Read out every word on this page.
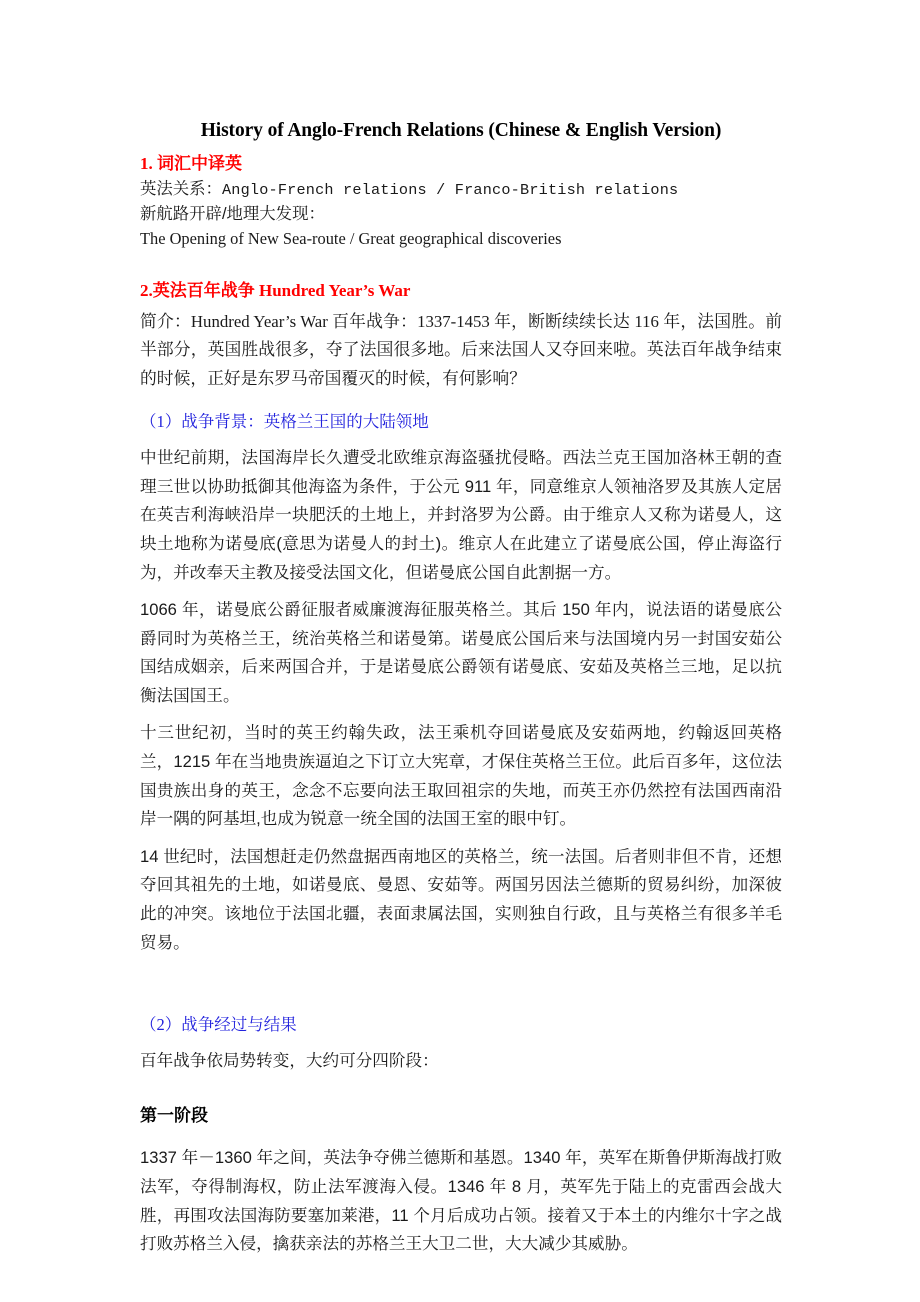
History of Anglo-French Relations (Chinese & English Version)

1. 词汇中译英

英法关系：Anglo-French relations / Franco-British relations
新航路开辟/地理大发现：
The Opening of New Sea-route / Great geographical discoveries

2.英法百年战争 Hundred Year’s War

简介：Hundred Year’s War 百年战争：1337-1453 年，断断续续长达 116 年，法国胜。前半部分，英国胜战很多，夺了法国很多地。后来法国人又夺回来啦。英法百年战争结束的时候，正好是东罗马帝国覆灭的时候，有何影响？

（1）战争背景：英格兰王国的大陆领地

中世纪前期，法国海岸长久遭受北欧维京海盗骚扰侵略。西法兰克王国加洛林王朝的查理三世以协助抵御其他海盗为条件，于公元 911 年，同意维京人领袖洛罗及其族人定居在英吉利海峡沿岸一块肥沃的土地上，并封洛罗为公爵。由于维京人又称为诺曼人，这块土地称为诺曼底(意思为诺曼人的封土)。维京人在此建立了诺曼底公国，停止海盗行为，并改奉天主教及接受法国文化，但诺曼底公国自此割据一方。

1066 年，诺曼底公爵征服者威廉渡海征服英格兰。其后 150 年内，说法语的诺曼底公爵同时为英格兰王，统治英格兰和诺曼第。诺曼底公国后来与法国境内另一封国安茹公国结成姻亲，后来两国合并，于是诺曼底公爵领有诺曼底、安茹及英格兰三地，足以抗衡法国国王。

十三世纪初，当时的英王约翰失政，法王乘机夺回诺曼底及安茹两地，约翰返回英格兰，1215 年在当地贵族逼迫之下订立大宪章，才保住英格兰王位。此后百多年，这位法国贵族出身的英王，念念不忘要向法王取回祖宗的失地，而英王亦仍然控有法国西南沿岸一隅的阿基坦,也成为锐意一统全国的法国王室的眼中钉。

14 世纪时，法国想赶走仍然盘据西南地区的英格兰，统一法国。后者则非但不肯，还想夺回其祖先的土地，如诺曼底、曼恩、安茹等。两国另因法兰德斯的贸易纠纷，加深彼此的冲突。该地位于法国北疆，表面隶属法国，实则独自行政，且与英格兰有很多羊毛贸易。

（2）战争经过与结果

百年战争依局势转变，大约可分四阶段：

第一阶段

1337 年－1360 年之间，英法争夺佛兰德斯和基恩。1340 年，英军在斯鲁伊斯海战打败法军，夺得制海权，防止法军渡海入侵。1346 年 8 月，英军先于陆上的克雷西会战大胜，再围攻法国海防要塞加莱港，11 个月后成功占领。接着又于本土的内维尔十字之战打败苏格兰入侵，擒获亲法的苏格兰王大卫二世，大大减少其威胁。
